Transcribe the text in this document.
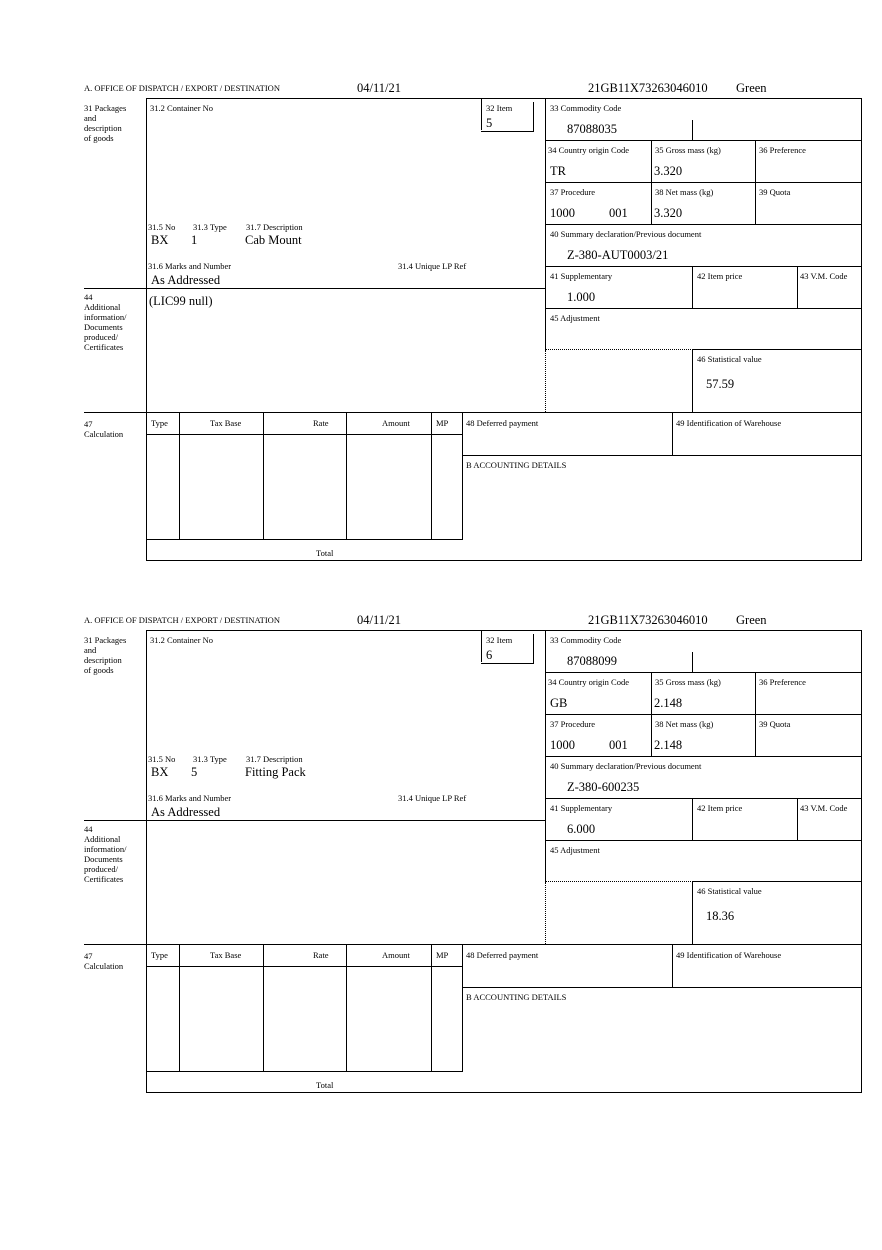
A. OFFICE OF DISPATCH / EXPORT / DESTINATION	04/11/21	21GB11X73263046010 Green
31 Packages
and
description
of goods
44
Additional
information/
Documents
produced/
Certificates
47
Calculation
31.2 Container No	32 Item
5
31.5 No 31.3 Type 31.7 Description
BX 1	Cab Mount
31.6 Marks and Number	31.4 Unique LP Ref
As Addressed
(LIC99 null)
33 Commodity Code
87088035
34 Country origin Code
TR
35 Gross mass (kg)
3.320
36 Preference
37 Procedure
1000	001
38 Net mass (kg)
3.320
39 Quota
40 Summary declaration/Previous document
Z-380-AUT0003/21
41 Supplementary
1.000
42 Item price	43 V.M. Code
45 Adjustment
46 Statistical value
57.59
Type	Tax Base	Rate	Amount	MP
Total
48 Deferred payment	49 Identification of Warehouse
B ACCOUNTING DETAILS
A. OFFICE OF DISPATCH / EXPORT / DESTINATION	04/11/21	21GB11X73263046010 Green
31 Packages
and
description
of goods
44
Additional
information/
Documents
produced/
Certificates
47
Calculation
31.2 Container No	32 Item
6
31.5 No 31.3 Type 31.7 Description
BX 5	Fitting Pack
31.6 Marks and Number	31.4 Unique LP Ref
As Addressed
33 Commodity Code
87088099
34 Country origin Code
GB
35 Gross mass (kg)
2.148
36 Preference
37 Procedure
1000	001
38 Net mass (kg)
2.148
39 Quota
40 Summary declaration/Previous document
Z-380-600235
41 Supplementary
6.000
42 Item price	43 V.M. Code
45 Adjustment
46 Statistical value
18.36
Type	Tax Base	Rate	Amount	MP
Total
48 Deferred payment	49 Identification of Warehouse
B ACCOUNTING DETAILS
